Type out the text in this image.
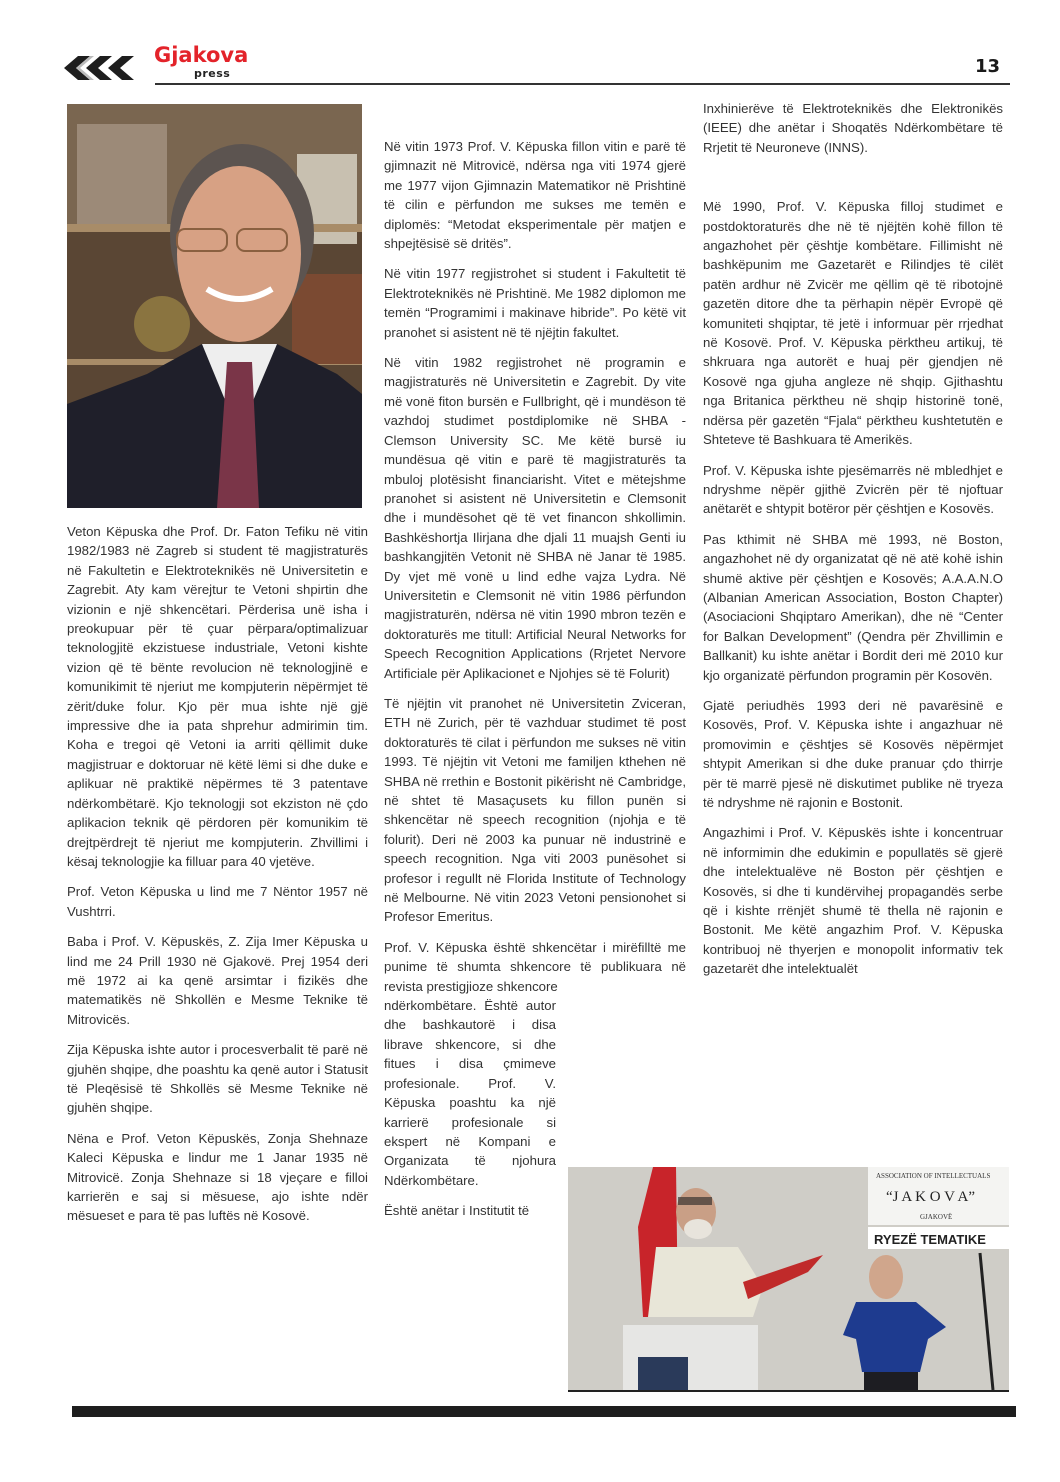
Gjakova
press	13

Veton Këpuska dhe Prof. Dr. Faton Tefiku në vitin 1982/1983 në Zagreb si student të magjistraturës në Fakultetin e Elektroteknikës në Universitetin e Zagrebit. Aty kam vërejtur te Vetoni shpirtin dhe vizionin e një shkencëtari. Përderisa unë isha i preokupuar për të çuar përpara/optimalizuar teknologjitë ekzistuese industriale, Vetoni kishte vizion që të bënte revolucion në teknologjinë e komunikimit të njeriut me kompjuterin nëpërmjet të zërit/duke folur. Kjo për mua ishte një gjë impressive dhe ia pata shprehur admirimin tim. Koha e tregoi që Vetoni ia arriti qëllimit duke magjistruar e doktoruar në këtë lëmi si dhe duke e aplikuar në praktikë nëpërmes të 3 patentave ndërkombëtarë. Kjo teknologji sot ekziston në çdo aplikacion teknik që përdoren për komunikim të drejtpërdrejt të njeriut me kompjuterin. Zhvillimi i kësaj teknologjie ka filluar para 40 vjetëve.

Prof. Veton Këpuska u lind me 7 Nëntor 1957 në Vushtrri.

Baba i Prof. V. Këpuskës, Z. Zija Imer Këpuska u lind me 24 Prill 1930 në Gjakovë. Prej 1954 deri më 1972 ai ka qenë arsimtar i fizikës dhe matematikës në Shkollën e Mesme Teknike të Mitrovicës.

Zija Këpuska ishte autor i procesverbalit të parë në gjuhën shqipe, dhe poashtu ka qenë autor i Statusit të Pleqësisë të Shkollës së Mesme Teknike në gjuhën shqipe.

Nëna e Prof. Veton Këpuskës, Zonja Shehnaze Kaleci Këpuska e lindur me 1 Janar 1935 në Mitrovicë. Zonja Shehnaze si 18 vjeçare e filloi karrierën e saj si mësuese, ajo ishte ndër mësueset e para të pas luftës në Kosovë.

Në vitin 1973 Prof. V. Këpuska fillon vitin e parë të gjimnazit në Mitrovicë, ndërsa nga viti 1974 gjerë me 1977 vijon Gjimnazin Matematikor në Prishtinë të cilin e përfundon me sukses me temën e diplomës: “Metodat eksperimentale për matjen e shpejtësisë së dritës”.

Në vitin 1977 regjistrohet si student i Fakultetit të Elektroteknikës në Prishtinë. Me 1982 diplomon me temën “Programimi i makinave hibride”. Po këtë vit pranohet si asistent në të njëjtin fakultet.

Në vitin 1982 regjistrohet në programin e magjistraturës në Universitetin e Zagrebit. Dy vite më vonë fiton bursën e Fullbright, që i mundëson të vazhdoj studimet postdiplomike në SHBA - Clemson University SC. Me këtë bursë iu mundësua që vitin e parë të magjistraturës ta mbuloj plotësisht financiarisht. Vitet e mëtejshme pranohet si asistent në Universitetin e Clemsonit dhe i mundësohet që të vet financon shkollimin. Bashkëshortja Ilirjana dhe djali 11 muajsh Genti iu bashkangjitën Vetonit në SHBA në Janar të 1985. Dy vjet më vonë u lind edhe vajza Lydra. Në Universitetin e Clemsonit në vitin 1986 përfundon magjistraturën, ndërsa në vitin 1990 mbron tezën e doktoraturës me titull: Artificial Neural Networks for Speech Recognition Applications (Rrjetet Nervore Artificiale për Aplikacionet e Njohjes së të Folurit)

Të njëjtin vit pranohet në Universitetin Zviceran, ETH në Zurich, për të vazhduar studimet të post doktoraturës të cilat i përfundon me sukses në vitin 1993. Të njëjtin vit Vetoni me familjen kthehen në SHBA në rrethin e Bostonit pikërisht në Cambridge, në shtet të Masaçusets ku fillon punën si shkencëtar në speech recognition (njohja e të folurit). Deri në 2003 ka punuar në industrinë e speech recognition. Nga viti 2003 punësohet si profesor i regullt në Florida Institute of Technology në Melbourne. Në vitin 2023 Vetoni pensionohet si Profesor Emeritus.

Prof. V. Këpuska është shkencëtar i mirëfilltë me punime të shumta shkencore të publikuara në revista prestigjioze shkencore

ndërkombëtare. Është autor dhe bashkautorë i disa librave shkencore, si dhe fitues i disa çmimeve profesionale. Prof. V. Këpuska poashtu ka një karrierë profesionale si ekspert në Kompani e Organizata të njohura Ndërkombëtare.

Është anëtar i Institutit të

Inxhinierëve të Elektroteknikës dhe Elektronikës (IEEE) dhe anëtar i Shoqatës Ndërkombëtare të Rrjetit të Neuroneve (INNS).

Më 1990, Prof. V. Këpuska filloj studimet e postdoktoraturës dhe në të njëjtën kohë fillon të angazhohet për çështje kombëtare. Fillimisht në bashkëpunim me Gazetarët e Rilindjes të cilët patën ardhur në Zvicër me qëllim që të ribotojnë gazetën ditore dhe ta përhapin nëpër Evropë që komuniteti shqiptar, të jetë i informuar për rrjedhat në Kosovë. Prof. V. Këpuska përktheu artikuj, të shkruara nga autorët e huaj për gjendjen në Kosovë nga gjuha angleze në shqip. Gjithashtu nga Britanica përktheu në shqip historinë tonë, ndërsa për gazetën “Fjala“ përktheu kushtetutën e Shteteve të Bashkuara të Amerikës.

Prof. V. Këpuska ishte pjesëmarrës në mbledhjet e ndryshme nëpër gjithë Zvicrën për të njoftuar anëtarët e shtypit botëror për çështjen e Kosovës.

Pas kthimit në SHBA më 1993, në Boston, angazhohet në dy organizatat që në atë kohë ishin shumë aktive për çështjen e Kosovës; A.A.A.N.O (Albanian American Association, Boston Chapter) (Asociacioni Shqiptaro Amerikan), dhe në “Center for Balkan Development” (Qendra për Zhvillimin e Ballkanit) ku ishte anëtar i Bordit deri më 2010 kur kjo organizatë përfundon programin për Kosovën.

Gjatë periudhës 1993 deri në pavarësinë e Kosovës, Prof. V. Këpuska ishte i angazhuar në promovimin e çështjes së Kosovës nëpërmjet shtypit Amerikan si dhe duke pranuar çdo thirrje për të marrë pjesë në diskutimet publike në tryeza të ndryshme në rajonin e Bostonit.

Angazhimi i Prof. V. Këpuskës ishte i koncentruar në informimin dhe edukimin e popullatës së gjerë dhe intelektualëve në Boston për çështjen e Kosovës, si dhe ti kundërvihej propagandës serbe që i kishte rrënjët shumë të thella në rajonin e Bostonit. Me këtë angazhim Prof. V. Këpuska kontribuoj në thyerjen e monopolit informativ tek gazetarët dhe intelektualët

ASSOCIATION OF INTELLECTUALS
“J A K O V A”
GJAKOVË
RYEZË TEMATIKE
